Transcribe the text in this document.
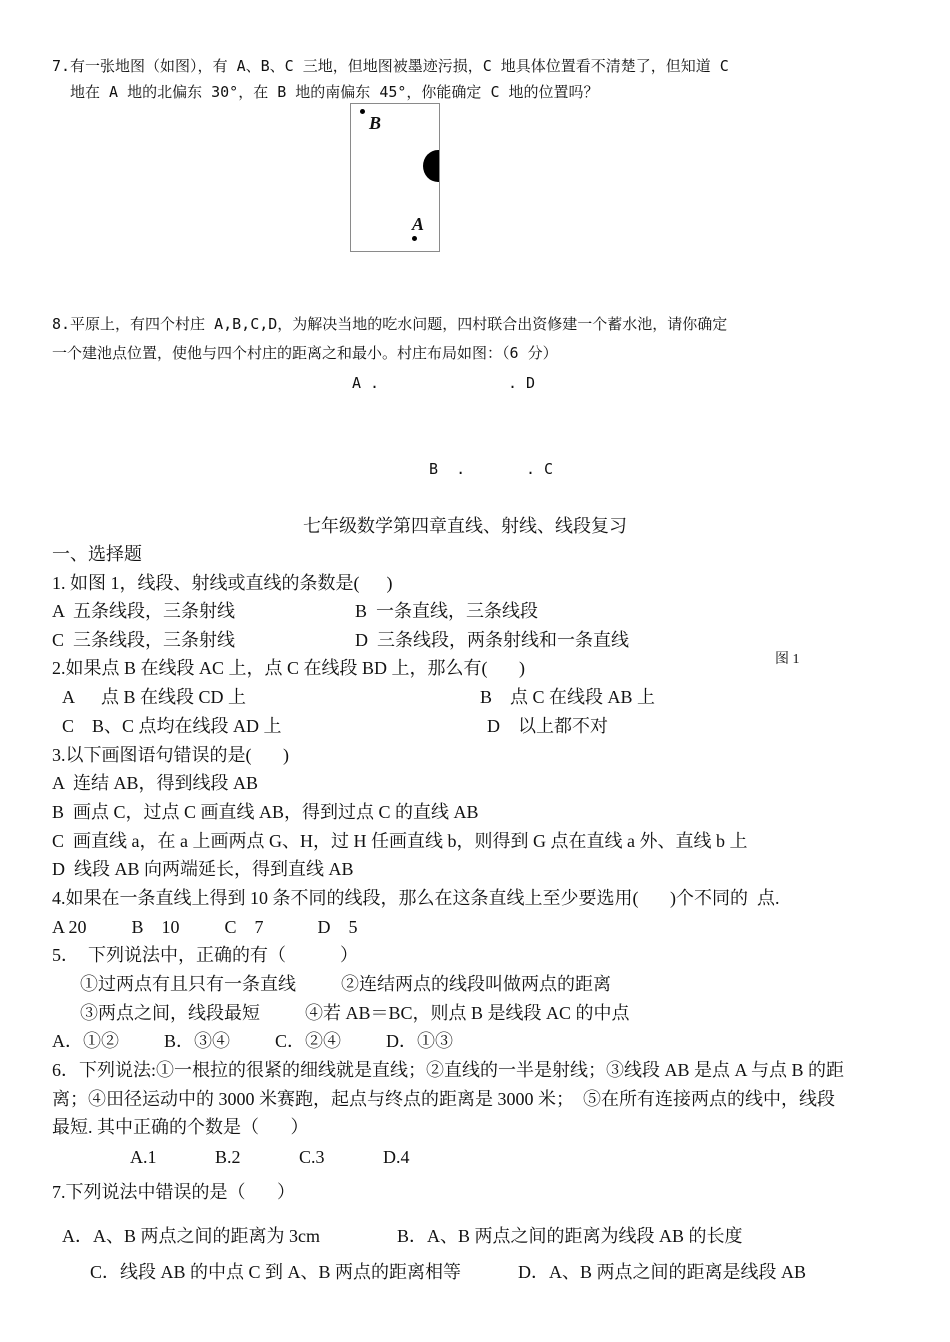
7.有一张地图（如图），有 A、B、C 三地，但地图被墨迹污损，C 地具体位置看不清楚了，但知道 C
地在 A 地的北偏东 30°，在 B 地的南偏东 45°，你能确定 C 地的位置吗？
B
A
8.平原上，有四个村庄 A,B,C,D，为解决当地的吃水问题，四村联合出资修建一个蓄水池，请你确定
一个建池点位置，使他与四个村庄的距离之和最小。村庄布局如图：（6 分）
A .	. D
B  .	. C
七年级数学第四章直线、射线、线段复习
一、选择题
1. 如图 1，线段、射线或直线的条数是(      )
A  五条线段，三条射线	B  一条直线，三条线段
C  三条线段，三条射线	D  三条线段，两条射线和一条直线
图 1
2.如果点 B 在线段 AC 上，点 C 在线段 BD 上，那么有(       )
A      点 B 在线段 CD 上	B    点 C 在线段 AB 上
C    B、C 点均在线段 AD 上	D    以上都不对
3.以下画图语句错误的是(       )
A  连结 AB，得到线段 AB
B  画点 C，过点 C 画直线 AB，得到过点 C 的直线 AB
C  画直线 a，在 a 上画两点 G、H，过 H 任画直线 b，则得到 G 点在直线 a 外、直线 b 上
D  线段 AB 向两端延长，得到直线 AB
4.如果在一条直线上得到 10 条不同的线段，那么在这条直线上至少要选用(       )个不同的  点.
A 20          B    10          C    7            D    5
5．  下列说法中，正确的有（            ）
①过两点有且只有一条直线          ②连结两点的线段叫做两点的距离
③两点之间，线段最短          ④若 AB＝BC，则点 B 是线段 AC 的中点
A．①②          B．③④          C．②④          D．①③
6．下列说法:①一根拉的很紧的细线就是直线；②直线的一半是射线；③线段 AB 是点 A 与点 B 的距
离；④田径运动中的 3000 米赛跑，起点与终点的距离是 3000 米；  ⑤在所有连接两点的线中，线段
最短. 其中正确的个数是（       ）
A.1             B.2             C.3             D.4
7.下列说法中错误的是（       ）
A．A、B 两点之间的距离为 3cm	B．A、B 两点之间的距离为线段 AB 的长度
C．线段 AB 的中点 C 到 A、B 两点的距离相等	D．A、B 两点之间的距离是线段 AB
